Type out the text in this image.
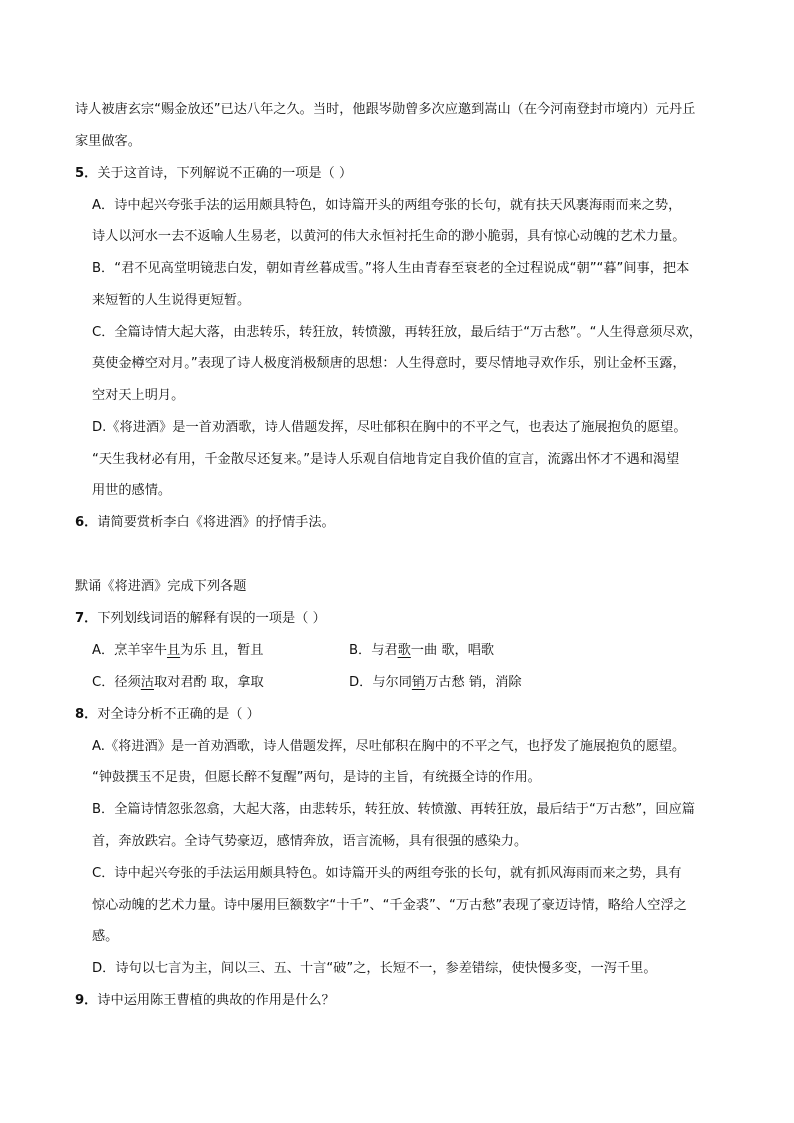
诗人被唐玄宗“赐金放还”已达八年之久。当时，他跟岑勋曾多次应邀到嵩山（在今河南登封市境内）元丹丘
家里做客。
5．关于这首诗，下列解说不正确的一项是（ ）
A．诗中起兴夸张手法的运用颇具特色，如诗篇开头的两组夸张的长句，就有扶天风裹海雨而来之势，
诗人以河水一去不返喻人生易老，以黄河的伟大永恒衬托生命的渺小脆弱，具有惊心动魄的艺术力量。
B．“君不见高堂明镜悲白发，朝如青丝暮成雪。”将人生由青春至衰老的全过程说成“朝”“暮”间事，把本
来短暂的人生说得更短暂。
C．全篇诗情大起大落，由悲转乐，转狂放，转愤激，再转狂放，最后结于“万古愁”。“人生得意须尽欢，
莫使金樽空对月。”表现了诗人极度消极颓唐的思想：人生得意时，要尽情地寻欢作乐，别让金杯玉露，
空对天上明月。
D.《将进酒》是一首劝酒歌，诗人借题发挥，尽吐郁积在胸中的不平之气，也表达了施展抱负的愿望。
“天生我材必有用，千金散尽还复来。”是诗人乐观自信地肯定自我价值的宣言，流露出怀才不遇和渴望
用世的感情。
6．请简要赏析李白《将进酒》的抒情手法。
默诵《将进酒》完成下列各题
7．下列划线词语的解释有误的一项是（ ）
A．烹羊宰牛且为乐 且，暂且	B．与君歌一曲 歌，唱歌
C．径须沽取对君酌 取，拿取	D．与尔同销万古愁 销，消除
8．对全诗分析不正确的是（ ）
A.《将进酒》是一首劝酒歌，诗人借题发挥，尽吐郁积在胸中的不平之气，也抒发了施展抱负的愿望。
“钟鼓撰玉不足贵，但愿长醉不复醒”两句，是诗的主旨，有统摄全诗的作用。
B．全篇诗情忽张忽翕，大起大落，由悲转乐，转狂放、转愤激、再转狂放，最后结于“万古愁”，回应篇
首，奔放跌宕。全诗气势豪迈，感情奔放，语言流畅，具有很强的感染力。
C．诗中起兴夸张的手法运用颇具特色。如诗篇开头的两组夸张的长句，就有抓风海雨而来之势，具有
惊心动魄的艺术力量。诗中屡用巨额数字“十千”、“千金裘”、“万古愁”表现了豪迈诗情，略给人空浮之
感。
D．诗句以七言为主，间以三、五、十言“破”之，长短不一，参差错综，使快慢多变，一泻千里。
9．诗中运用陈王曹植的典故的作用是什么？
